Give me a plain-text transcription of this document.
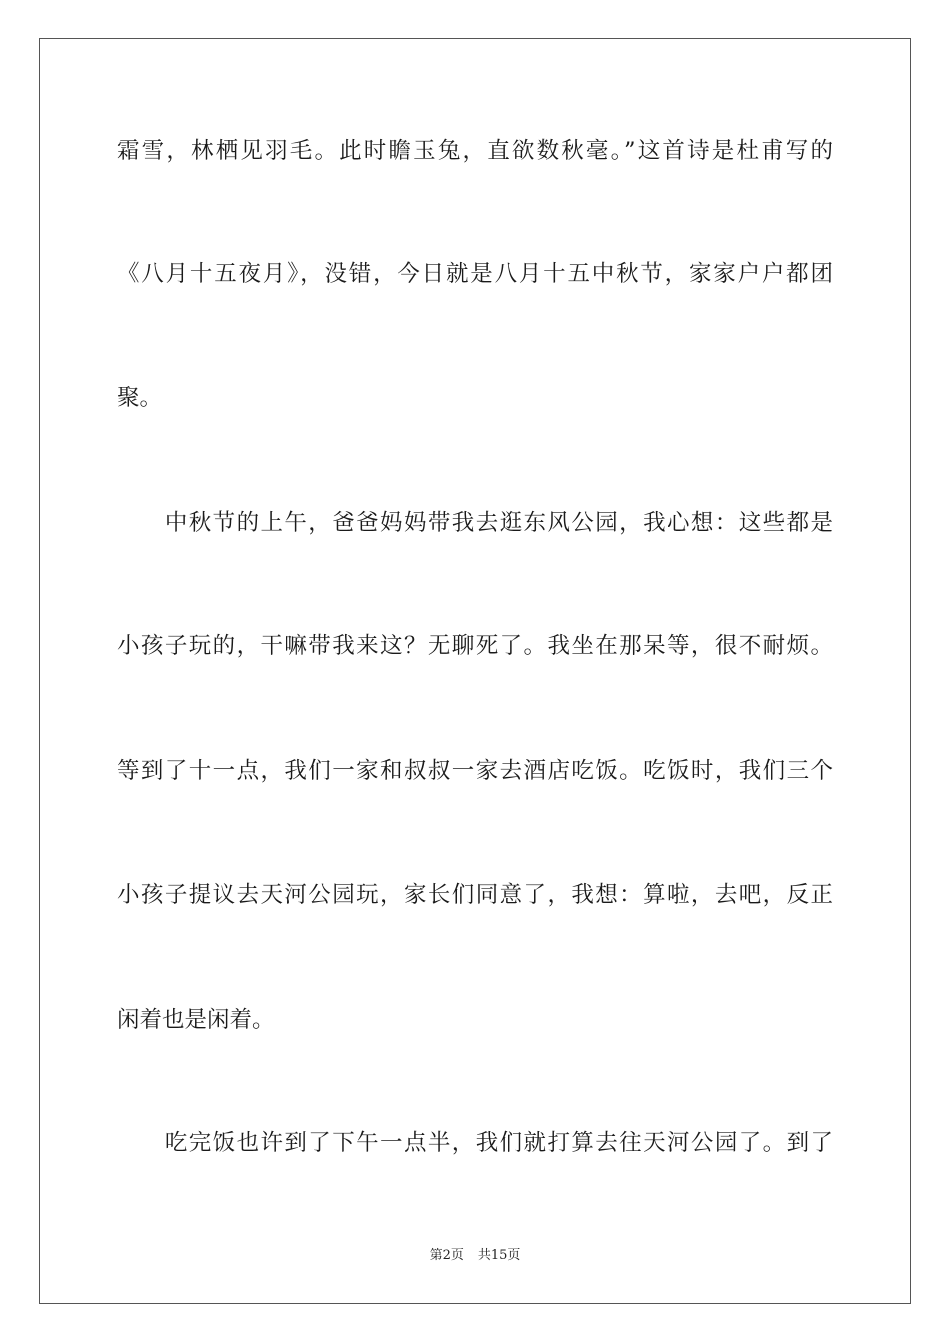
霜雪，林栖见羽毛。此时瞻玉兔，直欲数秋毫。”这首诗是杜甫写的
《八月十五夜月》，没错，今日就是八月十五中秋节，家家户户都团
聚。
　　中秋节的上午，爸爸妈妈带我去逛东风公园，我心想：这些都是
小孩子玩的，干嘛带我来这？无聊死了。我坐在那呆等，很不耐烦。
等到了十一点，我们一家和叔叔一家去酒店吃饭。吃饭时，我们三个
小孩子提议去天河公园玩，家长们同意了，我想：算啦，去吧，反正
闲着也是闲着。
　　吃完饭也许到了下午一点半，我们就打算去往天河公园了。到了
第2页 共15页
